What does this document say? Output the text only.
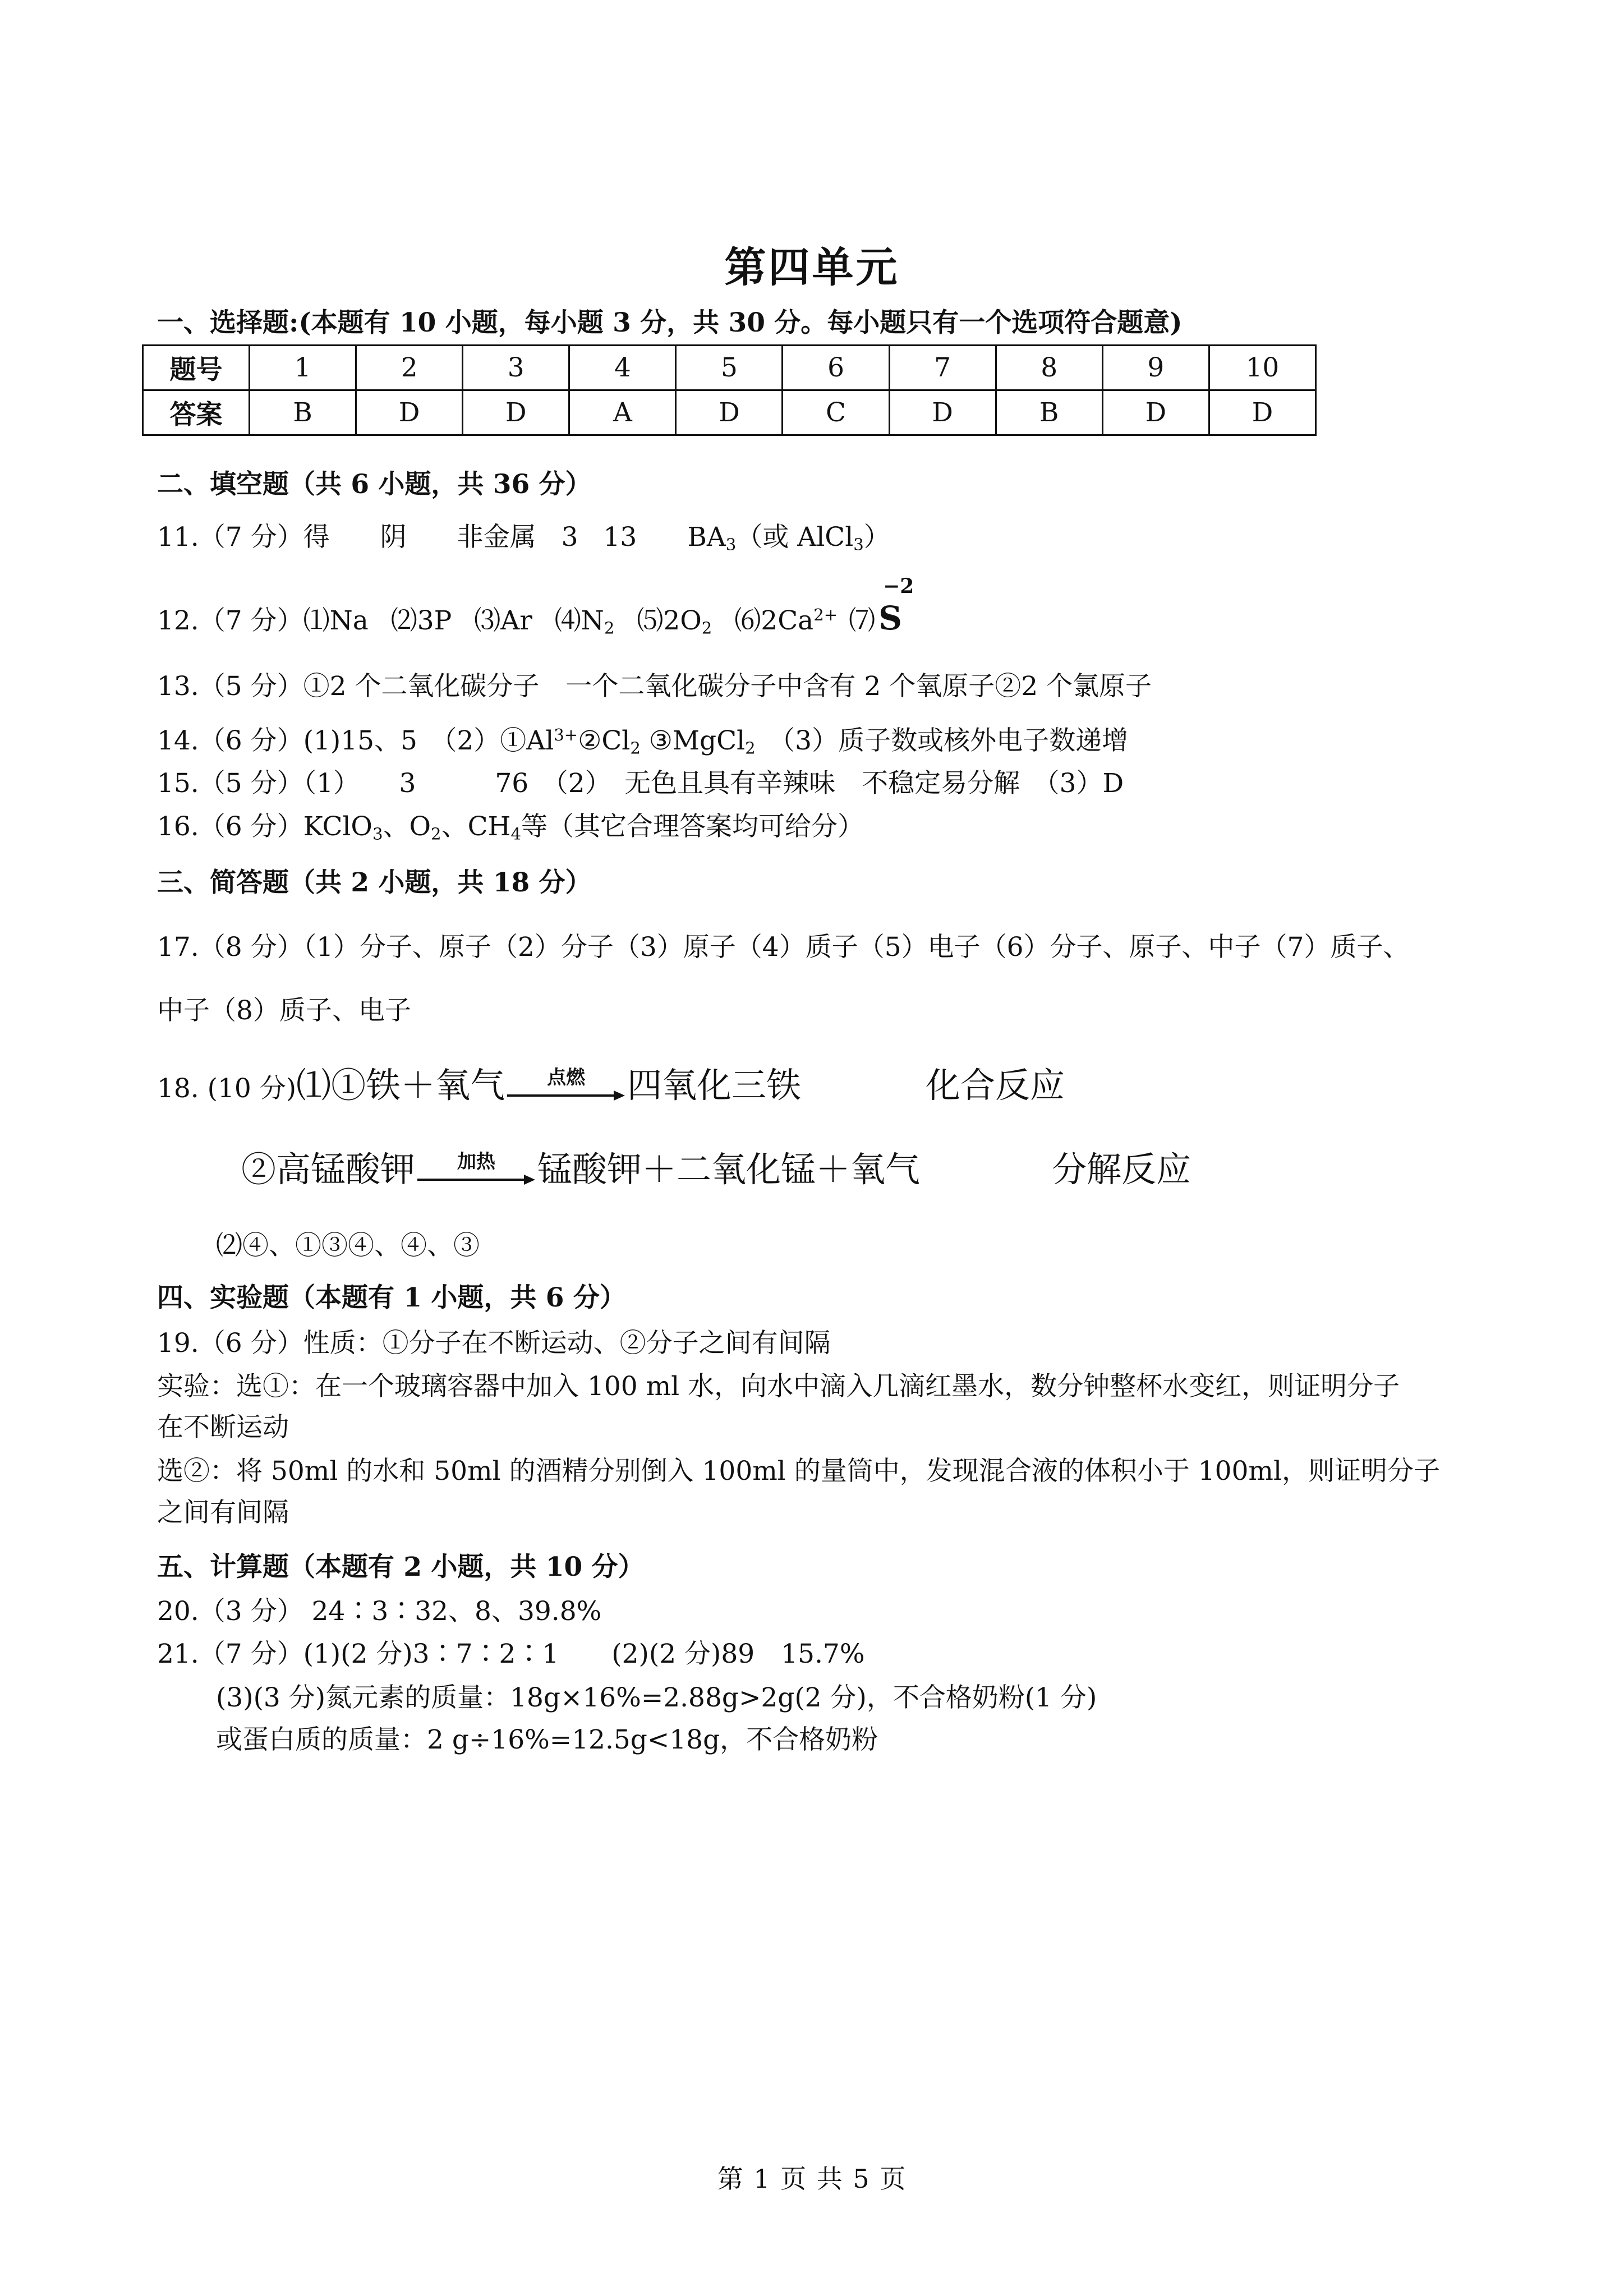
第四单元
一、选择题:(本题有 10 小题，每小题 3 分，共 30 分。每小题只有一个选项符合题意)
题号	1	2	3	4	5	6	7	8	9	10
答案	B	D	D	A	D	C	D	B	D	D
二、填空题（共 6 小题，共 36 分）
11.（7 分）得 阴 非金属 3 13 $BA_3$（或 AlCl$_3$）
12.（7 分）⑴Na ⑵3P ⑶Ar $⑷N_2$ $⑸2O_2$ $⑹2Ca^{2+}$ ⑺
−2
S
13.（5 分）①2 个二氧化碳分子　一个二氧化碳分子中含有 2 个氧原子②2 个氯原子
14.（6 分）(1)15、5　$(2)①Al^{3+}②Cl_2$ ③MgCl$_2$　（3）质子数或核外电子数递增
15.（5 分）（1）　　3　　　76　（2）　无色且具有辛辣味　不稳定易分解　（3）D
16.（6 分）KClO$_3$、$O_2$、$CH_4$等（其它合理答案均可给分）
三、简答题（共 2 小题，共 18 分）
17.（8 分）（1）分子、原子（2）分子（3）原子（4）质子（5）电子（6）分子、原子、中子（7）质子、
中子（8）质子、电子
18. (10 分)⑴①铁＋氧气	点燃	四氧化三铁	化合反应
②高锰酸钾	加热	锰酸钾＋二氧化锰＋氧气	分解反应
⑵④、①③④、④、③
四、实验题（本题有 1 小题，共 6 分）
19.（6 分）性质：①分子在不断运动、②分子之间有间隔
实验：选①：在一个玻璃容器中加入 100 ml 水，向水中滴入几滴红墨水，数分钟整杯水变红，则证明分子
在不断运动
选②：将 50ml 的水和 50ml 的酒精分别倒入 100ml 的量筒中，发现混合液的体积小于 100ml，则证明分子
之间有间隔
五、计算题（本题有 2 小题，共 10 分）
20.（3 分） 24∶3∶32、8、39.8%
21.（7 分）(1)(2 分)3∶7∶2∶1　　(2)(2 分)89　15.7%
(3)(3 分)氮元素的质量：18g×16%=2.88g>2g(2 分)，不合格奶粉(1 分)
或蛋白质的质量：2 g÷16%=12.5g<18g，不合格奶粉
第 1 页 共 5 页
